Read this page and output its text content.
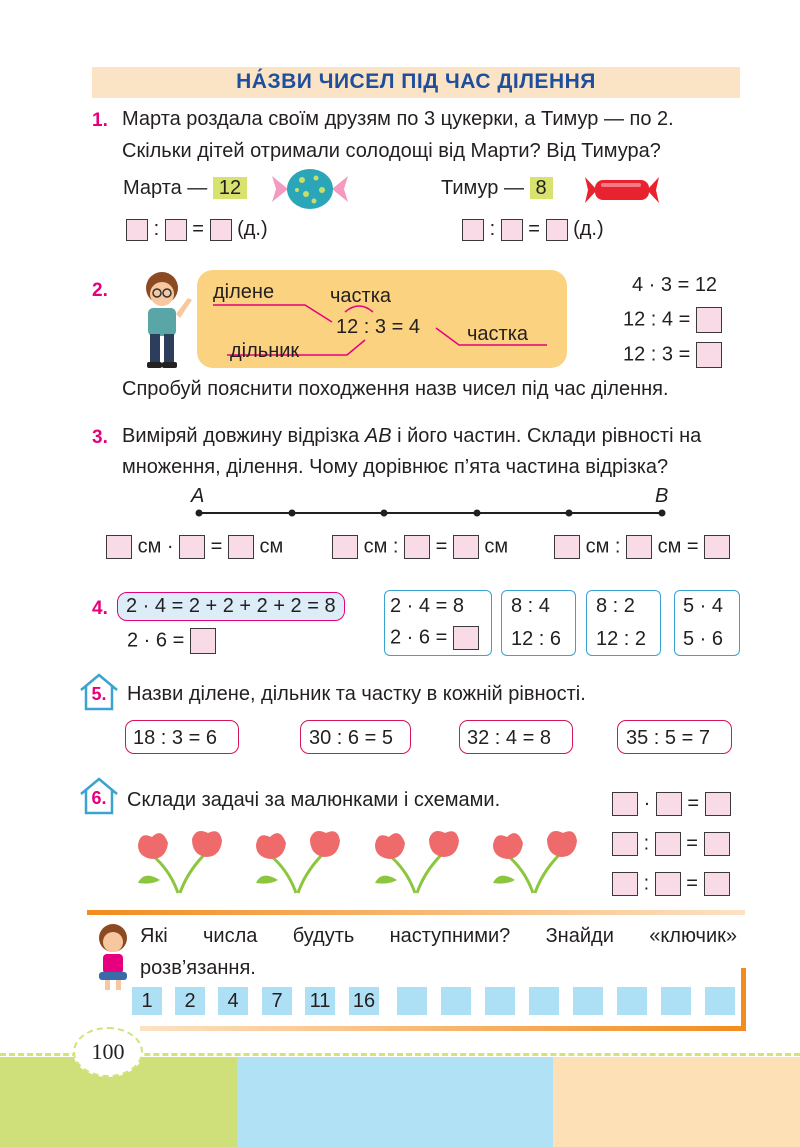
НА́ЗВИ ЧИСЕЛ ПІД ЧАС ДІЛЕННЯ
1. Марта роздала своїм друзям по 3 цукерки, а Тимур — по 2.
Скільки дітей отримали солодощі від Марти? Від Тимура?
Марта — 12	Тимур — 8
: = (д.)	: = (д.)
2.	ділене	частка
12 : 3 = 4 частка
дільник
4 · 3 = 12
12 : 4 =
12 : 3 =
Спробуй пояснити походження назв чисел під час ділення.
3. Виміряй довжину відрізка AB і його частин. Склади рівності на
множення, ділення. Чому дорівнює п’ята частина відрізка?
A	B
см · = см	см : = см	см : см =
4. 2 · 4 = 2 + 2 + 2 + 2 = 8
2 · 6 =
2 · 4 = 8
2 · 6 =
8 : 4
12 : 6
8 : 2
12 : 2
5 · 4
5 · 6
5.	Назви ділене, дільник та частку в кожній рівності.
18 : 3 = 6	30 : 6 = 5	32 : 4 = 8	35 : 5 = 7
6.	Склади задачі за малюнками і схемами.	· =
: =
: =
Які числа будуть наступними? Знайди «ключик»
розв’язання.
1	2	4	7	11 16
100
